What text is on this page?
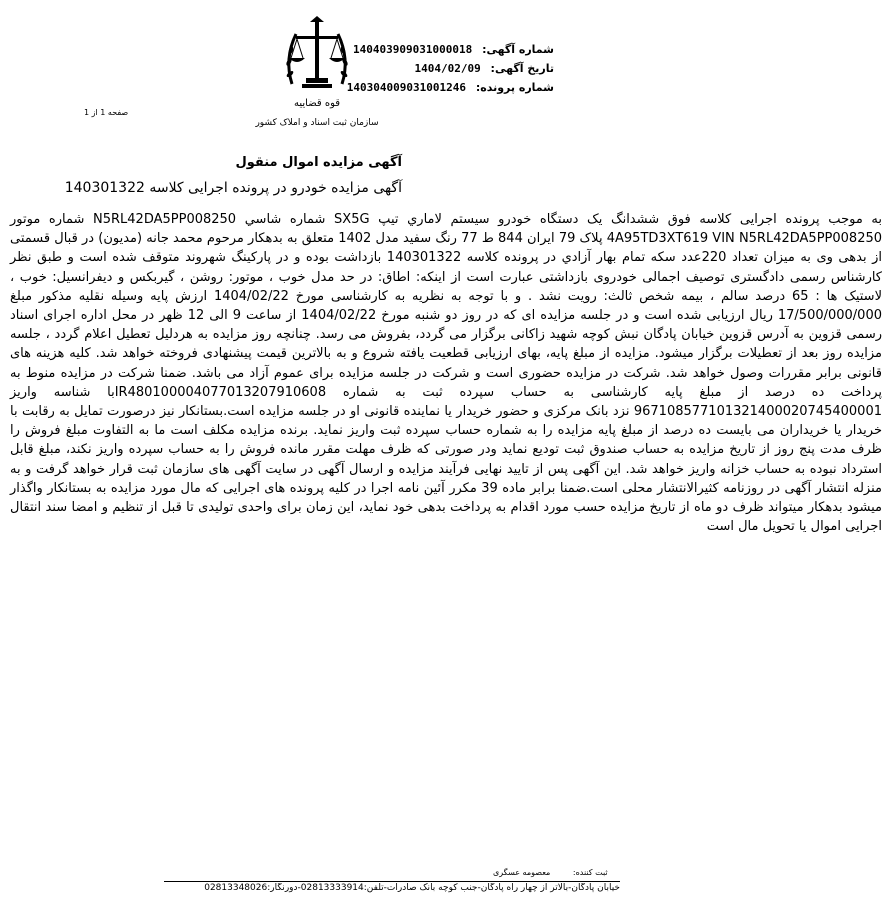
شماره آگهی: 140403909031000018
تاریخ آگهی: 1404/02/09
شماره پرونده: 140304009031001246
قوه قضاییه
سازمان ثبت اسناد و املاک کشور
صفحه 1 از 1
آگهی مزایده اموال منقول
آگهی مزایده خودرو در پرونده اجرایی کلاسه 140301322

به موجب پرونده اجرایی کلاسه فوق ششدانگ یک دستگاه خودرو سیستم لاماري تیپ SX5G شماره شاسي N5RL42DA5PP008250 شماره موتور 4A95TD3XT619 VIN N5RL42DA5PP008250 پلاک 79 ایران 844 ط 77 رنگ سفید مدل 1402 متعلق به بدهکار مرحوم محمد جانه (مدیون) در قبال قسمتی از بدهی وی به میزان تعداد 220عدد سکه تمام بهار آزادي در پرونده کلاسه 140301322 بازداشت بوده و در پارکینگ شهروند متوقف شده است و طبق نظر کارشناس رسمی دادگستری توصیف اجمالی خودروی بازداشتی عبارت است از اینکه: اطاق: در حد مدل خوب ، موتور: روشن ، گیربکس و دیفرانسیل: خوب ، لاستیک ها : 65 درصد سالم ، بیمه شخص ثالث: رویت نشد . و با توجه به نظریه به کارشناسی مورخ 1404/02/22 ارزش پایه وسیله نقلیه مذکور مبلغ 17/500/000/000 ریال ارزیابی شده است و در جلسه مزایده ای که در روز دو شنبه مورخ 1404/02/22 از ساعت 9 الی 12 ظهر در محل اداره اجرای اسناد رسمی قزوین به آدرس قزوین خیابان پادگان نبش کوچه شهید زاکانی برگزار می گردد، بفروش می رسد. چنانچه روز مزایده به هردلیل تعطیل اعلام گردد ، جلسه مزایده روز بعد از تعطیلات برگزار میشود. مزایده از مبلغ پایه، بهای ارزیابی قطعیت یافته شروع و به بالاترین قیمت پیشنهادی فروخته خواهد شد. کلیه هزینه های قانونی برابر مقررات وصول خواهد شد. شرکت در مزایده حضوری است و شرکت در جلسه مزایده برای عموم آزاد می باشد. ضمنا شرکت در مزایده منوط به پرداخت ده درصد از مبلغ پایه کارشناسی به حساب سپرده ثبت به شماره IR480100004077013207910608با شناسه واریز 967108577101321400020745400001 نزد بانک مرکزی و حضور خریدار یا نماینده قانونی او در جلسه مزایده است.بستانکار نیز درصورت تمایل به رقابت با خریدار یا خریداران می بایست ده درصد از مبلغ پایه مزایده را به شماره حساب سپرده ثبت واریز نماید. برنده مزایده مکلف است ما به التفاوت مبلغ فروش را ظرف مدت پنج روز از تاریخ مزایده به حساب صندوق ثبت تودیع نماید ودر صورتی که ظرف مهلت مقرر مانده فروش را به حساب سپرده واریز نکند، مبلغ قابل استرداد نبوده به حساب خزانه واریز خواهد شد. این آگهی پس از تایید نهایی فرآیند مزایده و ارسال آگهی در سایت آگهی های سازمان ثبت قرار خواهد گرفت و به منزله انتشار آگهی در روزنامه کثیرالانتشار محلی است.ضمنا برابر ماده 39 مکرر آئین نامه اجرا در کلیه پرونده های اجرایی که مال مورد مزایده به بستانکار واگذار میشود بدهکار میتواند ظرف دو ماه از تاریخ مزایده حسب مورد اقدام به پرداخت بدهی خود نماید، این زمان برای واحدی تولیدی تا قبل از تنظیم و امضا سند انتقال اجرایی اموال یا تحویل مال است

ثبت کننده: معصومه عسگری
خیابان پادگان-بالاتر از چهار راه پادگان-جنب کوچه بانک صادرات-تلفن:02813333914-دورنگار:02813348026
